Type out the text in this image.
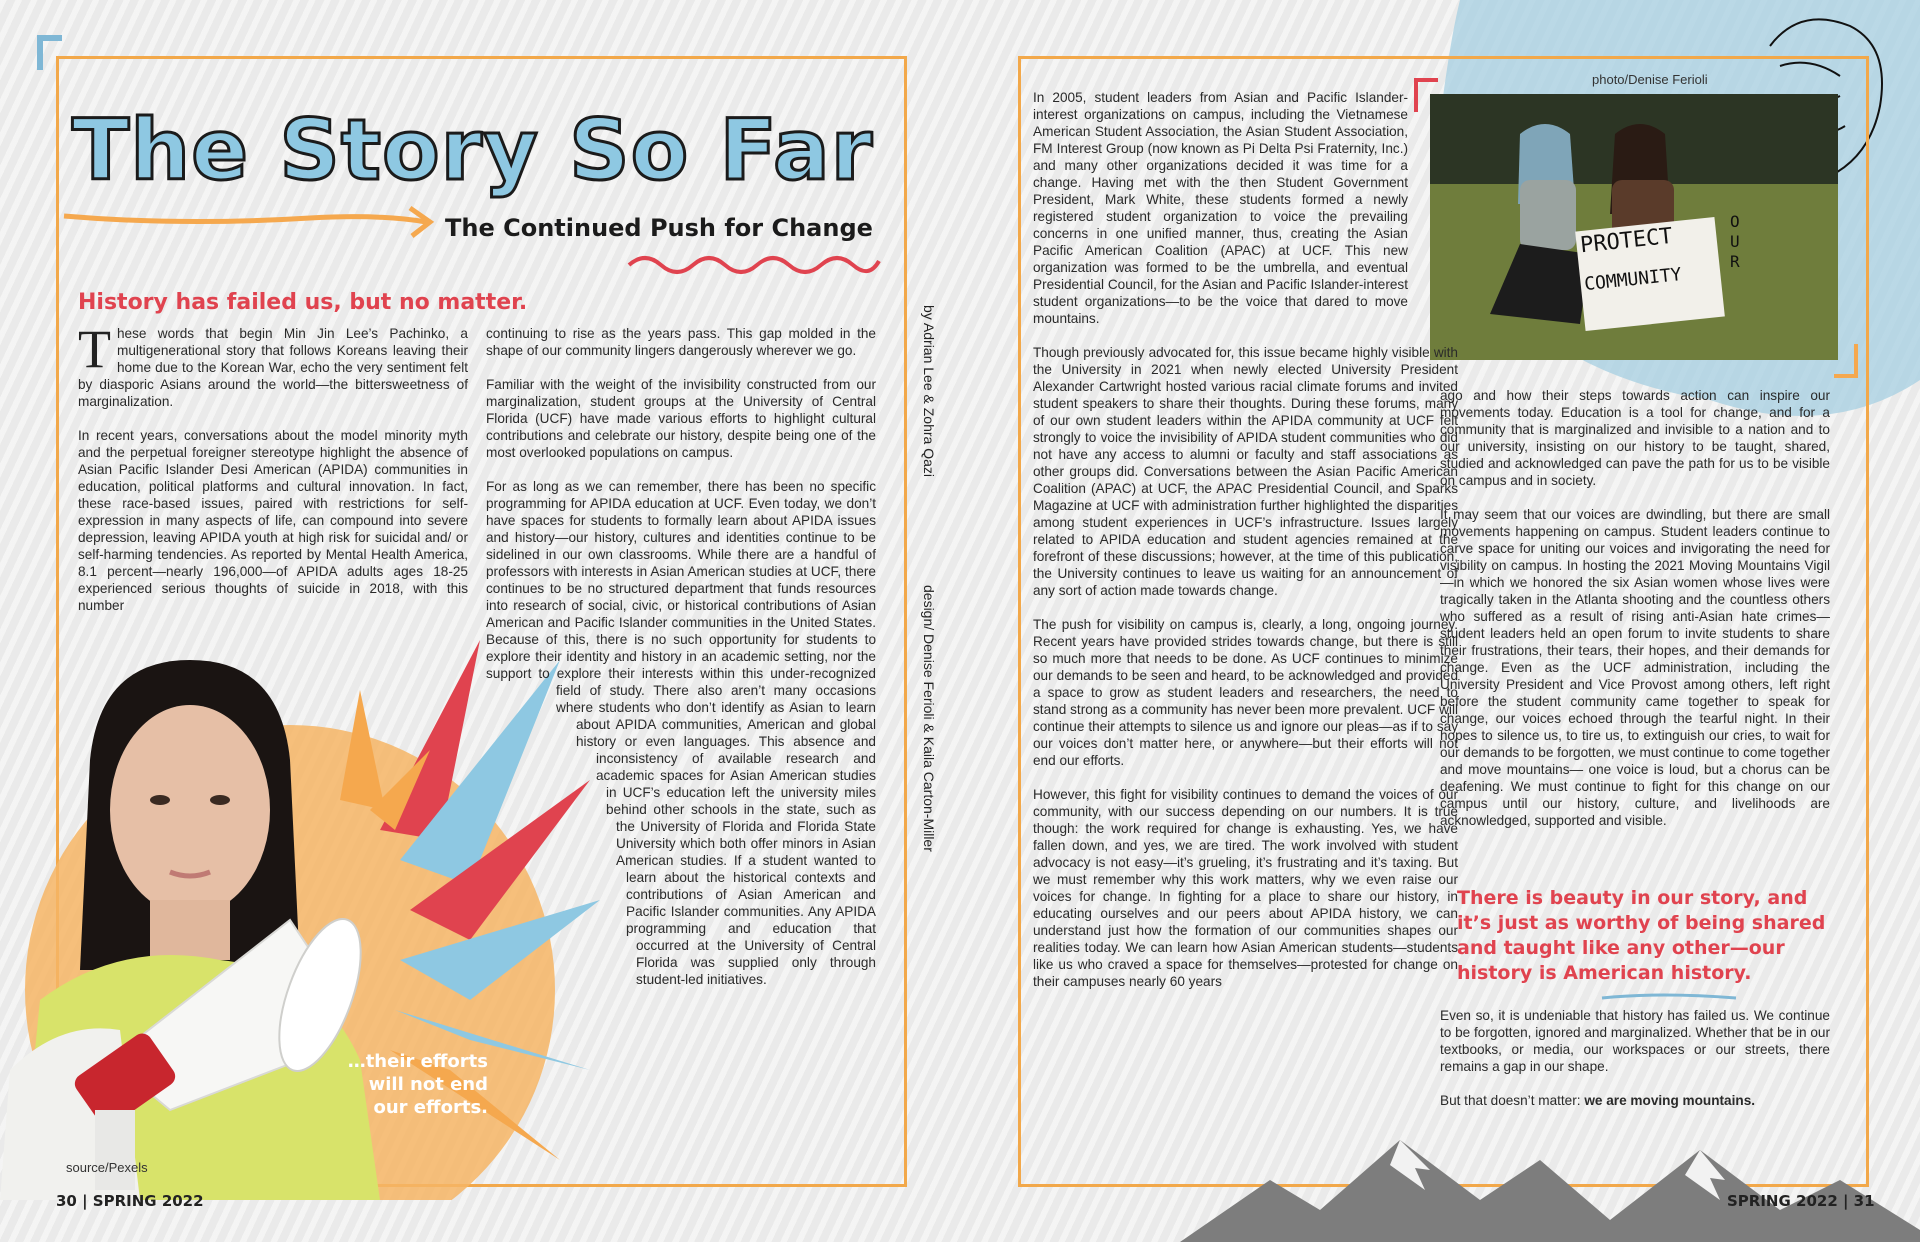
The Story So Far
The Continued Push for Change
History has failed us, but no matter.

These words that begin Min Jin Lee’s Pachinko, a multigenerational story that follows Koreans leaving their home due to the Korean War, echo the very sentiment felt by diasporic Asians around the world—the bittersweetness of marginalization.

In recent years, conversations about the model minority myth and the perpetual foreigner stereotype highlight the absence of Asian Pacific Islander Desi American (APIDA) communities in education, political platforms and cultural innovation. In fact, these race-based issues, paired with restrictions for self-expression in many aspects of life, can compound into severe depression, leaving APIDA youth at high risk for suicidal and/ or self-harming tendencies. As reported by Mental Health America, 8.1 percent—nearly 196,000—of APIDA adults ages 18-25 experienced serious thoughts of suicide in 2018, with this number

continuing to rise as the years pass. This gap molded in the shape of our community lingers dangerously wherever we go.

Familiar with the weight of the invisibility constructed from our marginalization, student groups at the University of Central Florida (UCF) have made various efforts to highlight cultural contributions and celebrate our history, despite being one of the most overlooked populations on campus.

For as long as we can remember, there has been no specific programming for APIDA education at UCF. Even today, we don’t have spaces for students to formally learn about APIDA issues and history—our history, cultures and identities continue to be sidelined in our own classrooms. While there are a handful of professors with interests in Asian American studies at UCF, there continues to be no structured department that funds resources into research of social, civic, or historical contributions of Asian American and Pacific Islander communities in the United States. Because of this, there is no such opportunity for students to explore their identity and history in an academic setting, nor the support to explore their interests within this under-recognized field of study. There also aren’t many occasions where students who don’t identify as Asian to learn about APIDA communities, American and global history or even languages. This absence and inconsistency of available research and academic spaces for Asian American studies in UCF’s education left the university miles behind other schools in the state, such as the University of Florida and Florida State University which both offer minors in Asian American studies. If a student wanted to learn about the historical contexts and contributions of Asian American and Pacific Islander communities. Any APIDA programming and education that occurred at the University of Central Florida was supplied only through student-led initiatives.

by Adrian Lee & Zohra Qazi
design/ Denise Ferioli & Kaila Carton-Miller
…their efforts will not end our efforts.
source/Pexels
30 | SPRING 2022
photo/Denise Ferioli
PROTECT
COMMUNITY
OUR

In 2005, student leaders from Asian and Pacific Islander-interest organizations on campus, including the Vietnamese American Student Association, the Asian Student Association, FM Interest Group (now known as Pi Delta Psi Fraternity, Inc.) and many other organizations decided it was time for a change. Having met with the then Student Government President, Mark White, these students formed a newly registered student organization to voice the prevailing concerns in one unified manner, thus, creating the Asian Pacific American Coalition (APAC) at UCF. This new organization was formed to be the umbrella, and eventual Presidential Council, for the Asian and Pacific Islander-interest student organizations—to be the voice that dared to move mountains.

Though previously advocated for, this issue became highly visible with the University in 2021 when newly elected University President Alexander Cartwright hosted various racial climate forums and invited student speakers to share their thoughts. During these forums, many of our own student leaders within the APIDA community at UCF felt strongly to voice the invisibility of APIDA student communities who did not have any access to alumni or faculty and staff associations as other groups did. Conversations between the Asian Pacific American Coalition (APAC) at UCF, the APAC Presidential Council, and Sparks Magazine at UCF with administration further highlighted the disparities among student experiences in UCF’s infrastructure. Issues largely related to APIDA education and student agencies remained at the forefront of these discussions; however, at the time of this publication, the University continues to leave us waiting for an announcement of any sort of action made towards change.

The push for visibility on campus is, clearly, a long, ongoing journey. Recent years have provided strides towards change, but there is still so much more that needs to be done. As UCF continues to minimize our demands to be seen and heard, to be acknowledged and provided a space to grow as student leaders and researchers, the need to stand strong as a community has never been more prevalent. UCF will continue their attempts to silence us and ignore our pleas—as if to say our voices don’t matter here, or anywhere—but their efforts will not end our efforts.

However, this fight for visibility continues to demand the voices of our community, with our success depending on our numbers. It is true though: the work required for change is exhausting. Yes, we have fallen down, and yes, we are tired. The work involved with student advocacy is not easy—it’s grueling, it’s frustrating and it’s taxing. But we must remember why this work matters, why we even raise our voices for change. In fighting for a place to share our history, in educating ourselves and our peers about APIDA history, we can understand just how the formation of our communities shapes our realities today. We can learn how Asian American students—students like us who craved a space for themselves—protested for change on their campuses nearly 60 years

ago and how their steps towards action can inspire our movements today. Education is a tool for change, and for a community that is marginalized and invisible to a nation and to our university, insisting on our history to be taught, shared, studied and acknowledged can pave the path for us to be visible on campus and in society.

It may seem that our voices are dwindling, but there are small movements happening on campus. Student leaders continue to carve space for uniting our voices and invigorating the need for visibility on campus. In hosting the 2021 Moving Mountains Vigil—in which we honored the six Asian women whose lives were tragically taken in the Atlanta shooting and the countless others who suffered as a result of rising anti-Asian hate crimes—student leaders held an open forum to invite students to share their frustrations, their tears, their hopes, and their demands for change. Even as the UCF administration, including the University President and Vice Provost among others, left right before the student community came together to speak for change, our voices echoed through the tearful night. In their hopes to silence us, to tire us, to extinguish our cries, to wait for our demands to be forgotten, we must continue to come together and move mountains— one voice is loud, but a chorus can be deafening. We must continue to fight for this change on our campus until our history, culture, and livelihoods are acknowledged, supported and visible.

There is beauty in our story, and it’s just as worthy of being shared and taught like any other—our history is American history.

Even so, it is undeniable that history has failed us. We continue to be forgotten, ignored and marginalized. Whether that be in our textbooks, or media, our workspaces or our streets, there remains a gap in our shape.

But that doesn’t matter: we are moving mountains.

SPRING 2022 | 31
